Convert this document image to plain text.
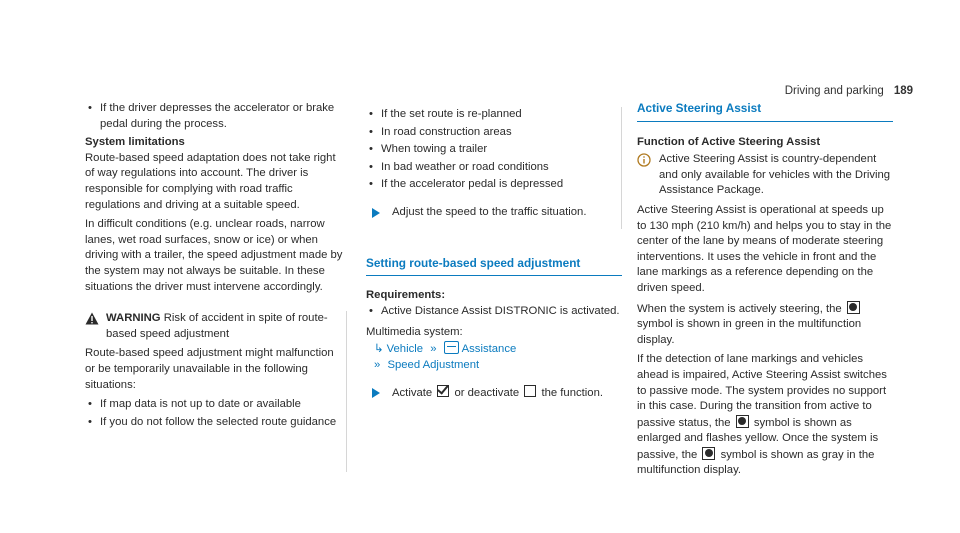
Driving and parking 189
• If the driver depresses the accelerator or brake pedal during the process.

System limitations

Route-based speed adaptation does not take right of way regulations into account. The driver is responsible for complying with road traffic regulations and driving at a suitable speed.

In difficult conditions (e.g. unclear roads, narrow lanes, wet road surfaces, snow or ice) or when driving with a trailer, the speed adjustment made by the system may not always be suitable. In these situations the driver must intervene accordingly.

WARNING Risk of accident in spite of route-based speed adjustment

Route-based speed adjustment might malfunction or be temporarily unavailable in the following situations:

• If map data is not up to date or available
• If you do not follow the selected route guidance
• If the set route is re-planned
• In road construction areas
• When towing a trailer
• In bad weather or road conditions
• If the accelerator pedal is depressed
Adjust the speed to the traffic situation.
Setting route-based speed adjustment

Requirements:

• Active Distance Assist DISTRONIC is activated.

Multimedia system:

↳ Vehicle » Assistance
» Speed Adjustment
Activate or deactivate the function.
Active Steering Assist

Function of Active Steering Assist

Active Steering Assist is country-dependent and only available for vehicles with the Driving Assistance Package.

Active Steering Assist is operational at speeds up to 130 mph (210 km/h) and helps you to stay in the center of the lane by means of moderate steering interventions. It uses the vehicle in front and the lane markings as a reference depending on the driven speed.

When the system is actively steering, the  symbol is shown in green in the multifunction display.

If the detection of lane markings and vehicles ahead is impaired, Active Steering Assist switches to passive mode. The system provides no support in this case. During the transition from active to passive status, the symbol is shown as enlarged and flashes yellow. Once the system is passive, the symbol is shown as gray in the multifunction display.
